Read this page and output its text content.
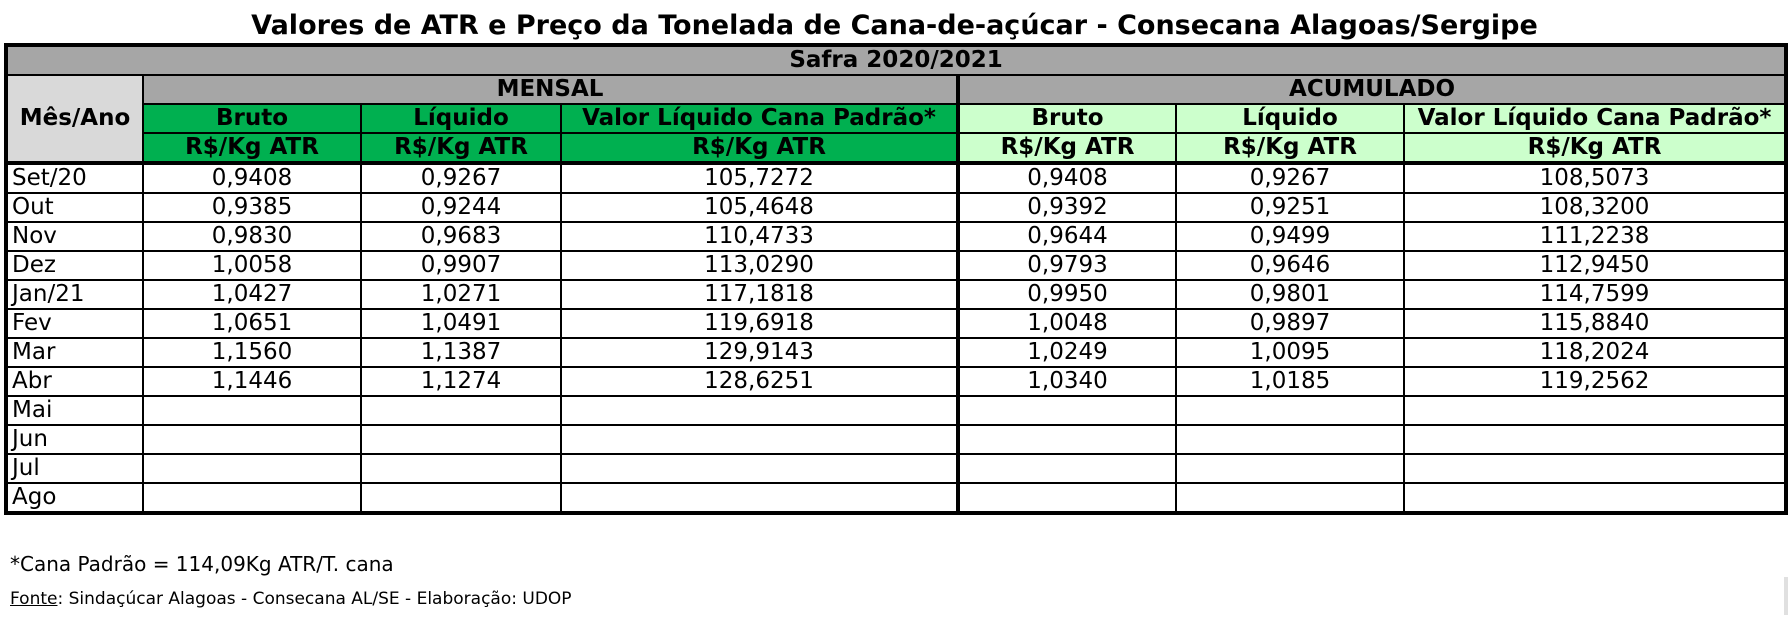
Valores de ATR e Preço da Tonelada de Cana-de-açúcar - Consecana Alagoas/Sergipe
Safra 2020/2021						
Mês/Ano	MENSAL			ACUMULADO		
	Bruto	Líquido	Valor Líquido Cana Padrão*	Bruto	Líquido	Valor Líquido Cana Padrão*
	R$/Kg ATR	R$/Kg ATR	R$/Kg ATR	R$/Kg ATR	R$/Kg ATR	R$/Kg ATR
Set/20	0,9408	0,9267	105,7272	0,9408	0,9267	108,5073
Out	0,9385	0,9244	105,4648	0,9392	0,9251	108,3200
Nov	0,9830	0,9683	110,4733	0,9644	0,9499	111,2238
Dez	1,0058	0,9907	113,0290	0,9793	0,9646	112,9450
Jan/21	1,0427	1,0271	117,1818	0,9950	0,9801	114,7599
Fev	1,0651	1,0491	119,6918	1,0048	0,9897	115,8840
Mar	1,1560	1,1387	129,9143	1,0249	1,0095	118,2024
Abr	1,1446	1,1274	128,6251	1,0340	1,0185	119,2562
Mai						
Jun						
Jul						
Ago						
*Cana Padrão = 114,09Kg ATR/T. cana
Fonte: Sindaçúcar Alagoas - Consecana AL/SE - Elaboração: UDOP
